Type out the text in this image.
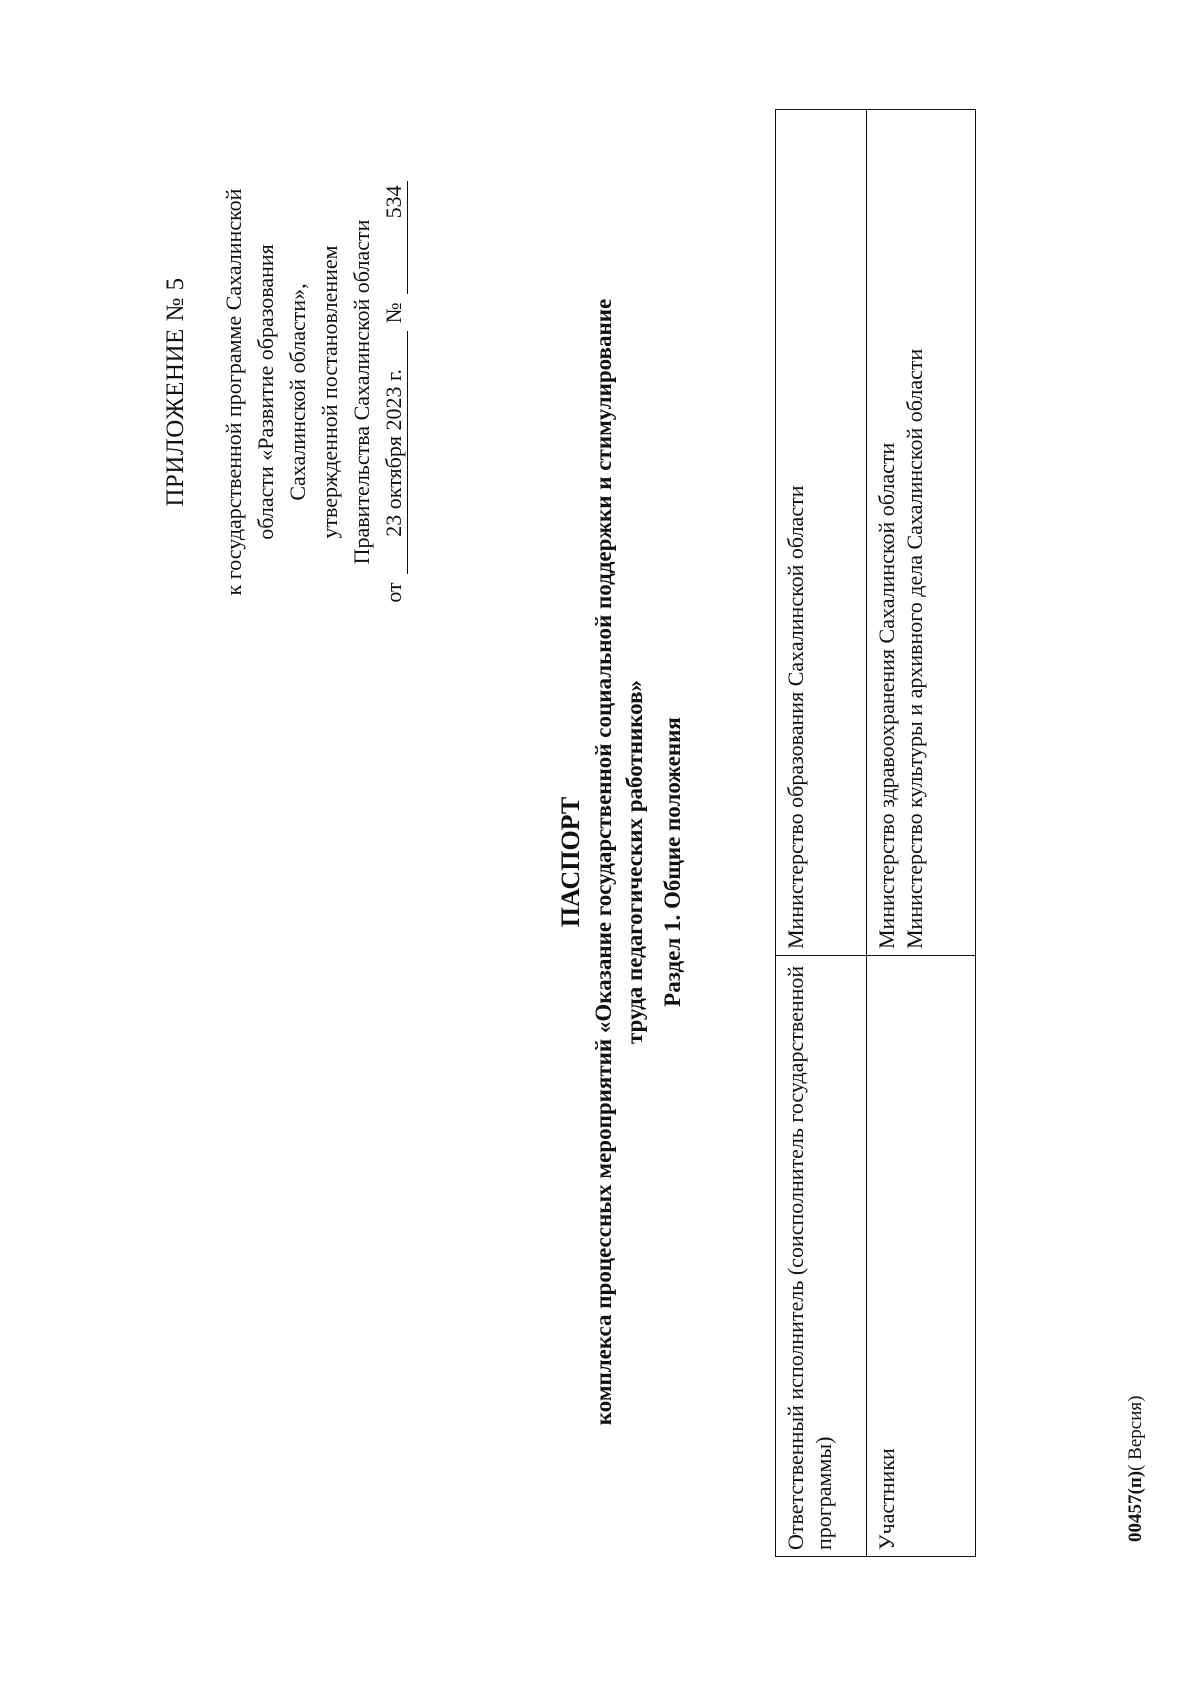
ПРИЛОЖЕНИЕ № 5 к государственной программе Сахалинской области «Развитие образования Сахалинской области», утвержденной постановлением Правительства Сахалинской области
от
23 октября 2023 г.
№
534
ПАСПОРТ комплекса процессных мероприятий «Оказание государственной социальной поддержки и стимулирование труда педагогических работников» Раздел 1. Общие положения
Ответственный исполнитель (соисполнитель государственной программы)	Министерство образования Сахалинской области

Участники	Министерство здравоохранения Сахалинской области Министерство культуры и архивного дела Сахалинской области
00457(п)( Версия)
